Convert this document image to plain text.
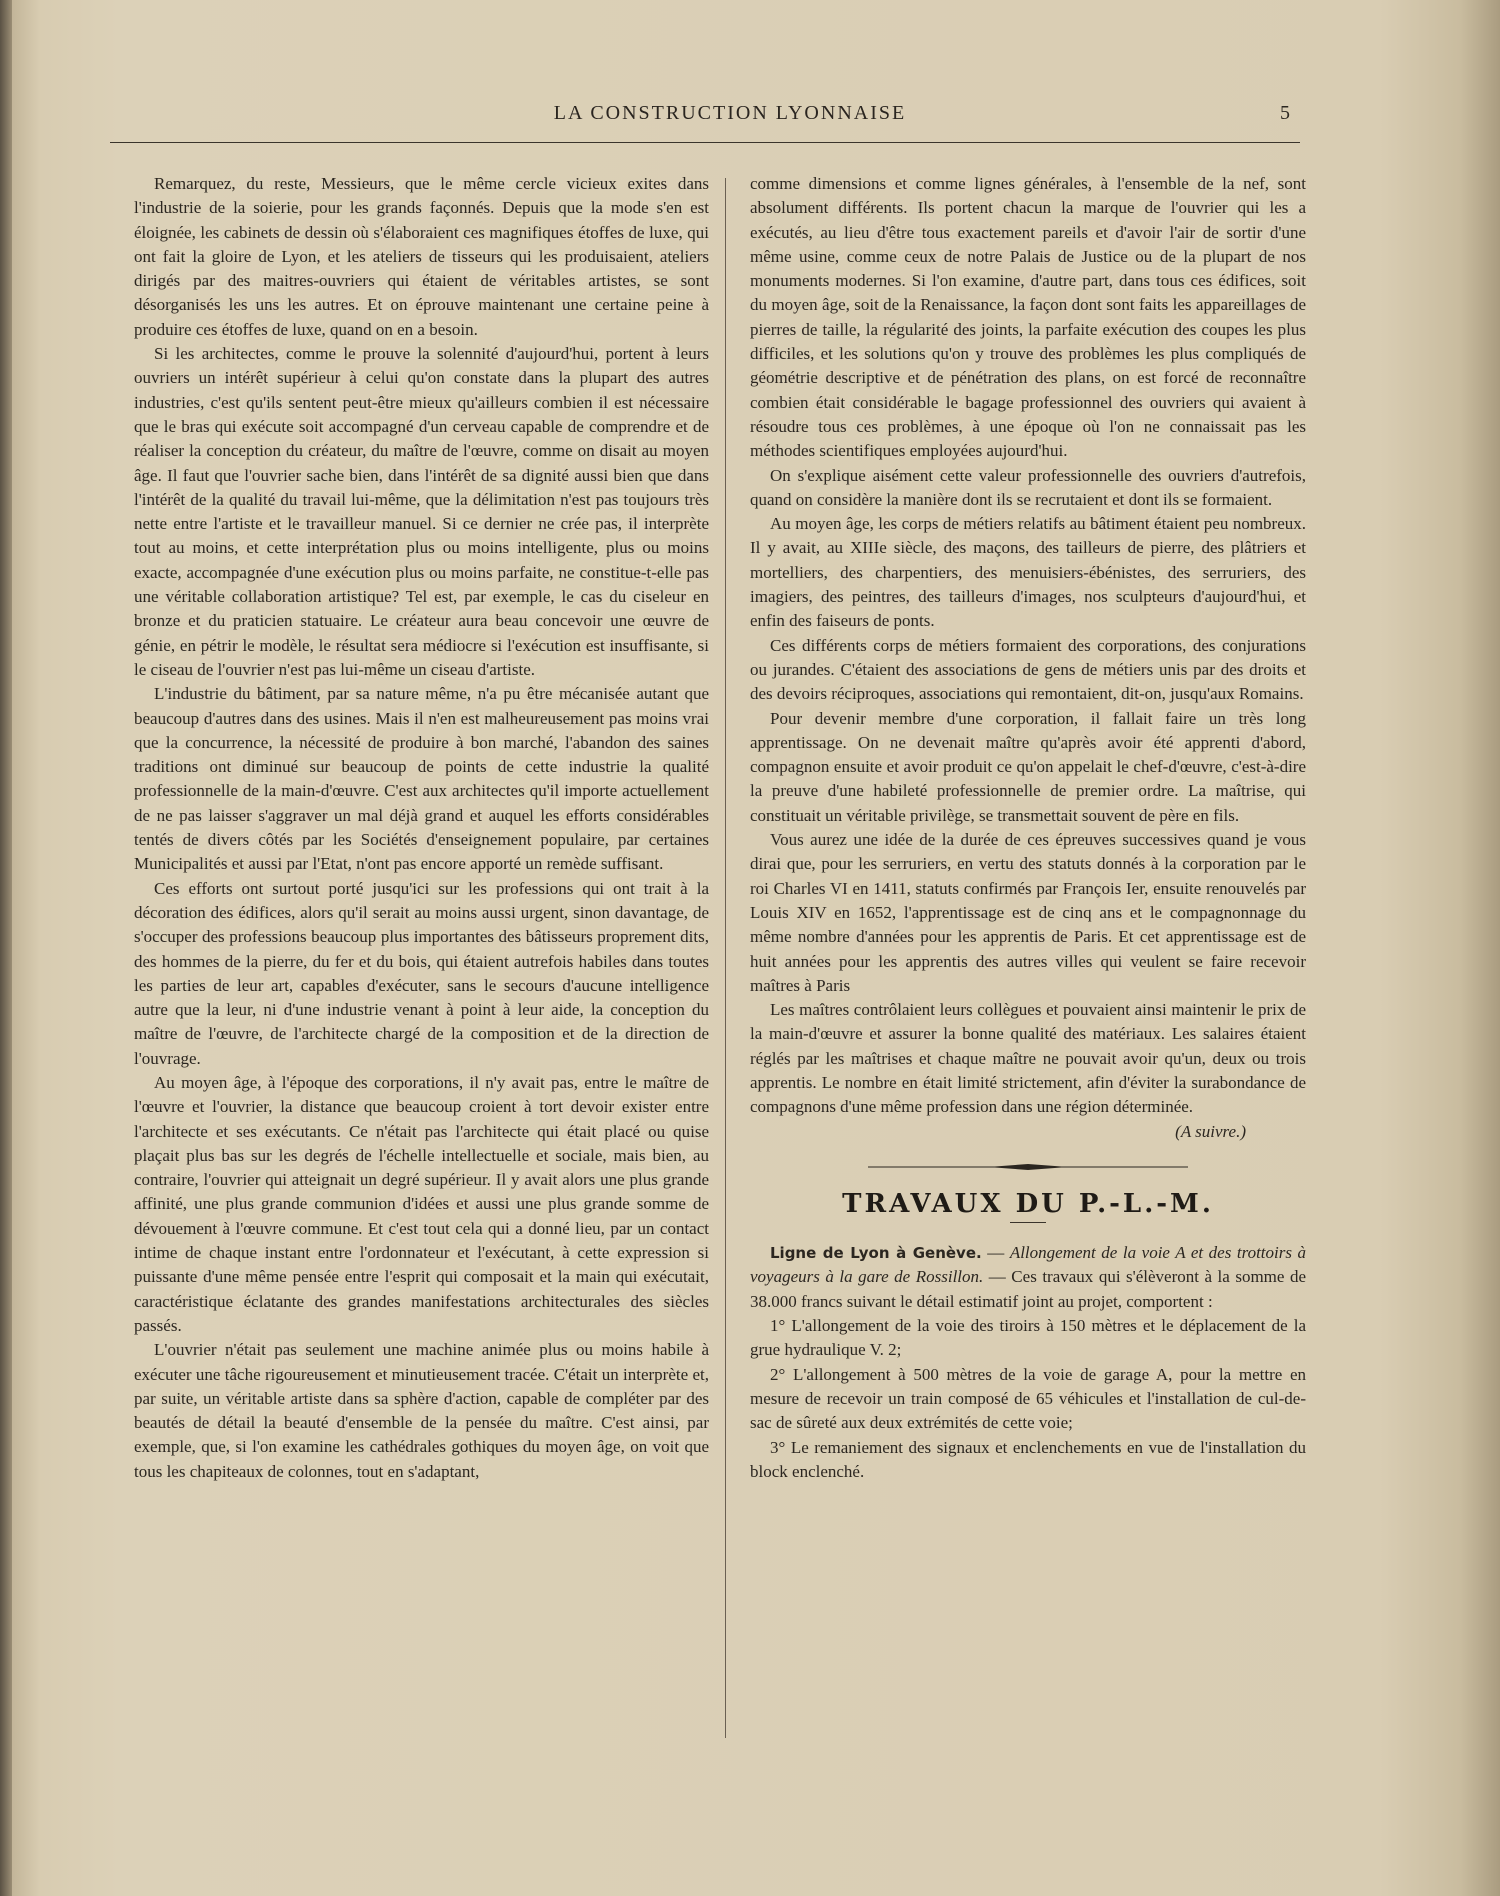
LA CONSTRUCTION LYONNAISE	5

Remarquez, du reste, Messieurs, que le même cercle vicieux exites dans l'industrie de la soierie, pour les grands façonnés. Depuis que la mode s'en est éloignée, les cabinets de dessin où s'élaboraient ces magnifiques étoffes de luxe, qui ont fait la gloire de Lyon, et les ateliers de tisseurs qui les produisaient, ateliers dirigés par des maitres-ouvriers qui étaient de véritables artistes, se sont désorganisés les uns les autres. Et on éprouve maintenant une certaine peine à produire ces étoffes de luxe, quand on en a besoin.

Si les architectes, comme le prouve la solennité d'aujourd'hui, portent à leurs ouvriers un intérêt supérieur à celui qu'on constate dans la plupart des autres industries, c'est qu'ils sentent peut-être mieux qu'ailleurs combien il est nécessaire que le bras qui exécute soit accompagné d'un cerveau capable de comprendre et de réaliser la conception du créateur, du maître de l'œuvre, comme on disait au moyen âge. Il faut que l'ouvrier sache bien, dans l'intérêt de sa dignité aussi bien que dans l'intérêt de la qualité du travail lui-même, que la délimitation n'est pas toujours très nette entre l'artiste et le travailleur manuel. Si ce dernier ne crée pas, il interprète tout au moins, et cette interprétation plus ou moins intelligente, plus ou moins exacte, accompagnée d'une exécution plus ou moins parfaite, ne constitue-t-elle pas une véritable collaboration artistique? Tel est, par exemple, le cas du ciseleur en bronze et du praticien statuaire. Le créateur aura beau concevoir une œuvre de génie, en pétrir le modèle, le résultat sera médiocre si l'exécution est insuffisante, si le ciseau de l'ouvrier n'est pas lui-même un ciseau d'artiste.

L'industrie du bâtiment, par sa nature même, n'a pu être mécanisée autant que beaucoup d'autres dans des usines. Mais il n'en est malheureusement pas moins vrai que la concurrence, la nécessité de produire à bon marché, l'abandon des saines traditions ont diminué sur beaucoup de points de cette industrie la qualité professionnelle de la main-d'œuvre. C'est aux architectes qu'il importe actuellement de ne pas laisser s'aggraver un mal déjà grand et auquel les efforts considérables tentés de divers côtés par les Sociétés d'enseignement populaire, par certaines Municipalités et aussi par l'Etat, n'ont pas encore apporté un remède suffisant.

Ces efforts ont surtout porté jusqu'ici sur les professions qui ont trait à la décoration des édifices, alors qu'il serait au moins aussi urgent, sinon davantage, de s'occuper des professions beaucoup plus importantes des bâtisseurs proprement dits, des hommes de la pierre, du fer et du bois, qui étaient autrefois habiles dans toutes les parties de leur art, capables d'exécuter, sans le secours d'aucune intelligence autre que la leur, ni d'une industrie venant à point à leur aide, la conception du maître de l'œuvre, de l'architecte chargé de la composition et de la direction de l'ouvrage.

Au moyen âge, à l'époque des corporations, il n'y avait pas, entre le maître de l'œuvre et l'ouvrier, la distance que beaucoup croient à tort devoir exister entre l'architecte et ses exécutants. Ce n'était pas l'architecte qui était placé ou quise plaçait plus bas sur les degrés de l'échelle intellectuelle et sociale, mais bien, au contraire, l'ouvrier qui atteignait un degré supérieur. Il y avait alors une plus grande affinité, une plus grande communion d'idées et aussi une plus grande somme de dévouement à l'œuvre commune. Et c'est tout cela qui a donné lieu, par un contact intime de chaque instant entre l'ordonnateur et l'exécutant, à cette expression si puissante d'une même pensée entre l'esprit qui composait et la main qui exécutait, caractéristique éclatante des grandes manifestations architecturales des siècles passés.

L'ouvrier n'était pas seulement une machine animée plus ou moins habile à exécuter une tâche rigoureusement et minutieusement tracée. C'était un interprète et, par suite, un véritable artiste dans sa sphère d'action, capable de compléter par des beautés de détail la beauté d'ensemble de la pensée du maître. C'est ainsi, par exemple, que, si l'on examine les cathédrales gothiques du moyen âge, on voit que tous les chapiteaux de colonnes, tout en s'adaptant,

comme dimensions et comme lignes générales, à l'ensemble de la nef, sont absolument différents. Ils portent chacun la marque de l'ouvrier qui les a exécutés, au lieu d'être tous exactement pareils et d'avoir l'air de sortir d'une même usine, comme ceux de notre Palais de Justice ou de la plupart de nos monuments modernes. Si l'on examine, d'autre part, dans tous ces édifices, soit du moyen âge, soit de la Renaissance, la façon dont sont faits les appareillages de pierres de taille, la régularité des joints, la parfaite exécution des coupes les plus difficiles, et les solutions qu'on y trouve des problèmes les plus compliqués de géométrie descriptive et de pénétration des plans, on est forcé de reconnaître combien était considérable le bagage professionnel des ouvriers qui avaient à résoudre tous ces problèmes, à une époque où l'on ne connaissait pas les méthodes scientifiques employées aujourd'hui.

On s'explique aisément cette valeur professionnelle des ouvriers d'autrefois, quand on considère la manière dont ils se recrutaient et dont ils se formaient.

Au moyen âge, les corps de métiers relatifs au bâtiment étaient peu nombreux. Il y avait, au XIIIe siècle, des maçons, des tailleurs de pierre, des plâtriers et mortelliers, des charpentiers, des menuisiers-ébénistes, des serruriers, des imagiers, des peintres, des tailleurs d'images, nos sculpteurs d'aujourd'hui, et enfin des faiseurs de ponts.

Ces différents corps de métiers formaient des corporations, des conjurations ou jurandes. C'étaient des associations de gens de métiers unis par des droits et des devoirs réciproques, associations qui remontaient, dit-on, jusqu'aux Romains.

Pour devenir membre d'une corporation, il fallait faire un très long apprentissage. On ne devenait maître qu'après avoir été apprenti d'abord, compagnon ensuite et avoir produit ce qu'on appelait le chef-d'œuvre, c'est-à-dire la preuve d'une habileté professionnelle de premier ordre. La maîtrise, qui constituait un véritable privilège, se transmettait souvent de père en fils.

Vous aurez une idée de la durée de ces épreuves successives quand je vous dirai que, pour les serruriers, en vertu des statuts donnés à la corporation par le roi Charles VI en 1411, statuts confirmés par François Ier, ensuite renouvelés par Louis XIV en 1652, l'apprentissage est de cinq ans et le compagnonnage du même nombre d'années pour les apprentis de Paris. Et cet apprentissage est de huit années pour les apprentis des autres villes qui veulent se faire recevoir maîtres à Paris

Les maîtres contrôlaient leurs collègues et pouvaient ainsi maintenir le prix de la main-d'œuvre et assurer la bonne qualité des matériaux. Les salaires étaient réglés par les maîtrises et chaque maître ne pouvait avoir qu'un, deux ou trois apprentis. Le nombre en était limité strictement, afin d'éviter la surabondance de compagnons d'une même profession dans une région déterminée.

(A suivre.)

TRAVAUX DU P.-L.-M.

Ligne de Lyon à Genève. — Allongement de la voie A et des trottoirs à voyageurs à la gare de Rossillon. — Ces travaux qui s'élèveront à la somme de 38.000 francs suivant le détail estimatif joint au projet, comportent :

1° L'allongement de la voie des tiroirs à 150 mètres et le déplacement de la grue hydraulique V. 2;

2° L'allongement à 500 mètres de la voie de garage A, pour la mettre en mesure de recevoir un train composé de 65 véhicules et l'installation de cul-de-sac de sûreté aux deux extrémités de cette voie;

3° Le remaniement des signaux et enclenchements en vue de l'installation du block enclenché.
